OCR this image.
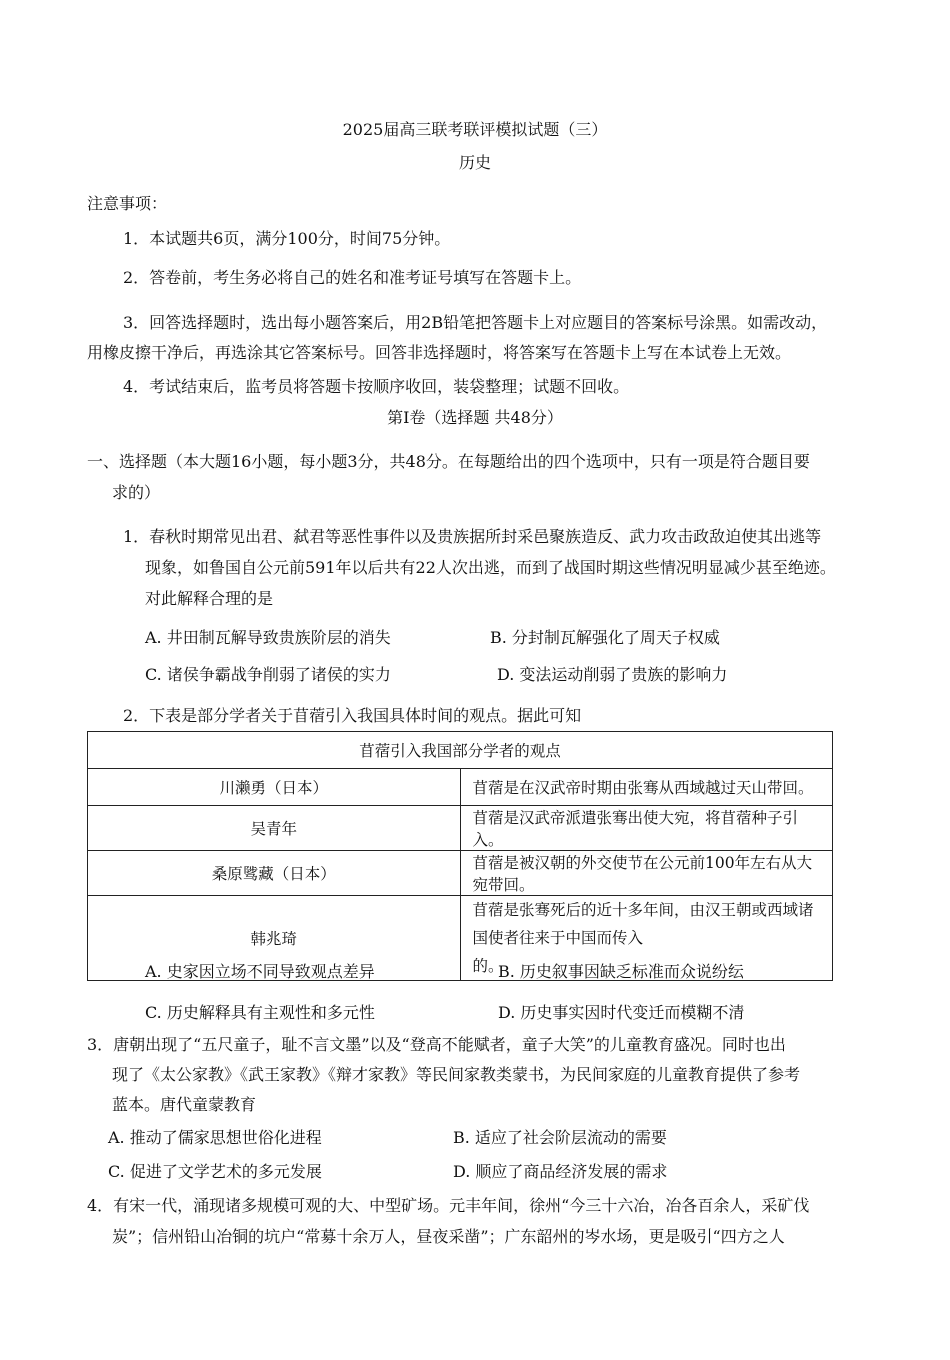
2025届高三联考联评模拟试题（三）
历史
注意事项：
1．本试题共6页，满分100分，时间75分钟。
2．答卷前，考生务必将自己的姓名和准考证号填写在答题卡上。
3．回答选择题时，选出每小题答案后，用2B铅笔把答题卡上对应题目的答案标号涂黑。如需改动，
用橡皮擦干净后，再选涂其它答案标号。回答非选择题时，将答案写在答题卡上写在本试卷上无效。
4．考试结束后，监考员将答题卡按顺序收回，装袋整理；试题不回收。
第Ⅰ卷（选择题 共48分）
一、选择题（本大题16小题，每小题3分，共48分。在每题给出的四个选项中，只有一项是符合题目要
求的）
1．春秋时期常见出君、弑君等恶性事件以及贵族据所封采邑聚族造反、武力攻击政敌迫使其出逃等
现象，如鲁国自公元前591年以后共有22人次出逃，而到了战国时期这些情况明显减少甚至绝迹。
对此解释合理的是
A. 井田制瓦解导致贵族阶层的消失	B. 分封制瓦解强化了周天子权威
C. 诸侯争霸战争削弱了诸侯的实力	D. 变法运动削弱了贵族的影响力
2．下表是部分学者关于苜蓿引入我国具体时间的观点。据此可知
苜蓿引入我国部分学者的观点	
川濑勇（日本）	苜蓿是在汉武帝时期由张骞从西域越过天山带回。
吴青年	苜蓿是汉武帝派遣张骞出使大宛，将苜蓿种子引入。
桑原骘藏（日本）	苜蓿是被汉朝的外交使节在公元前100年左右从大宛带回。
韩兆琦	苜蓿是张骞死后的近十多年间，由汉王朝或西域诸国使者往来于中国而传入
的。
A. 史家因立场不同导致观点差异	B. 历史叙事因缺乏标准而众说纷纭
C. 历史解释具有主观性和多元性	D. 历史事实因时代变迁而模糊不清
3．唐朝出现了“五尺童子，耻不言文墨”以及“登高不能赋者，童子大笑”的儿童教育盛况。同时也出
现了《太公家教》《武王家教》《辩才家教》等民间家教类蒙书，为民间家庭的儿童教育提供了参考
蓝本。唐代童蒙教育
A. 推动了儒家思想世俗化进程	B. 适应了社会阶层流动的需要
C. 促进了文学艺术的多元发展	D. 顺应了商品经济发展的需求
4．有宋一代，涌现诸多规模可观的大、中型矿场。元丰年间，徐州“今三十六冶，冶各百余人，采矿伐
炭”；信州铅山冶铜的坑户“常募十余万人，昼夜采凿”；广东韶州的岑水场，更是吸引“四方之人
